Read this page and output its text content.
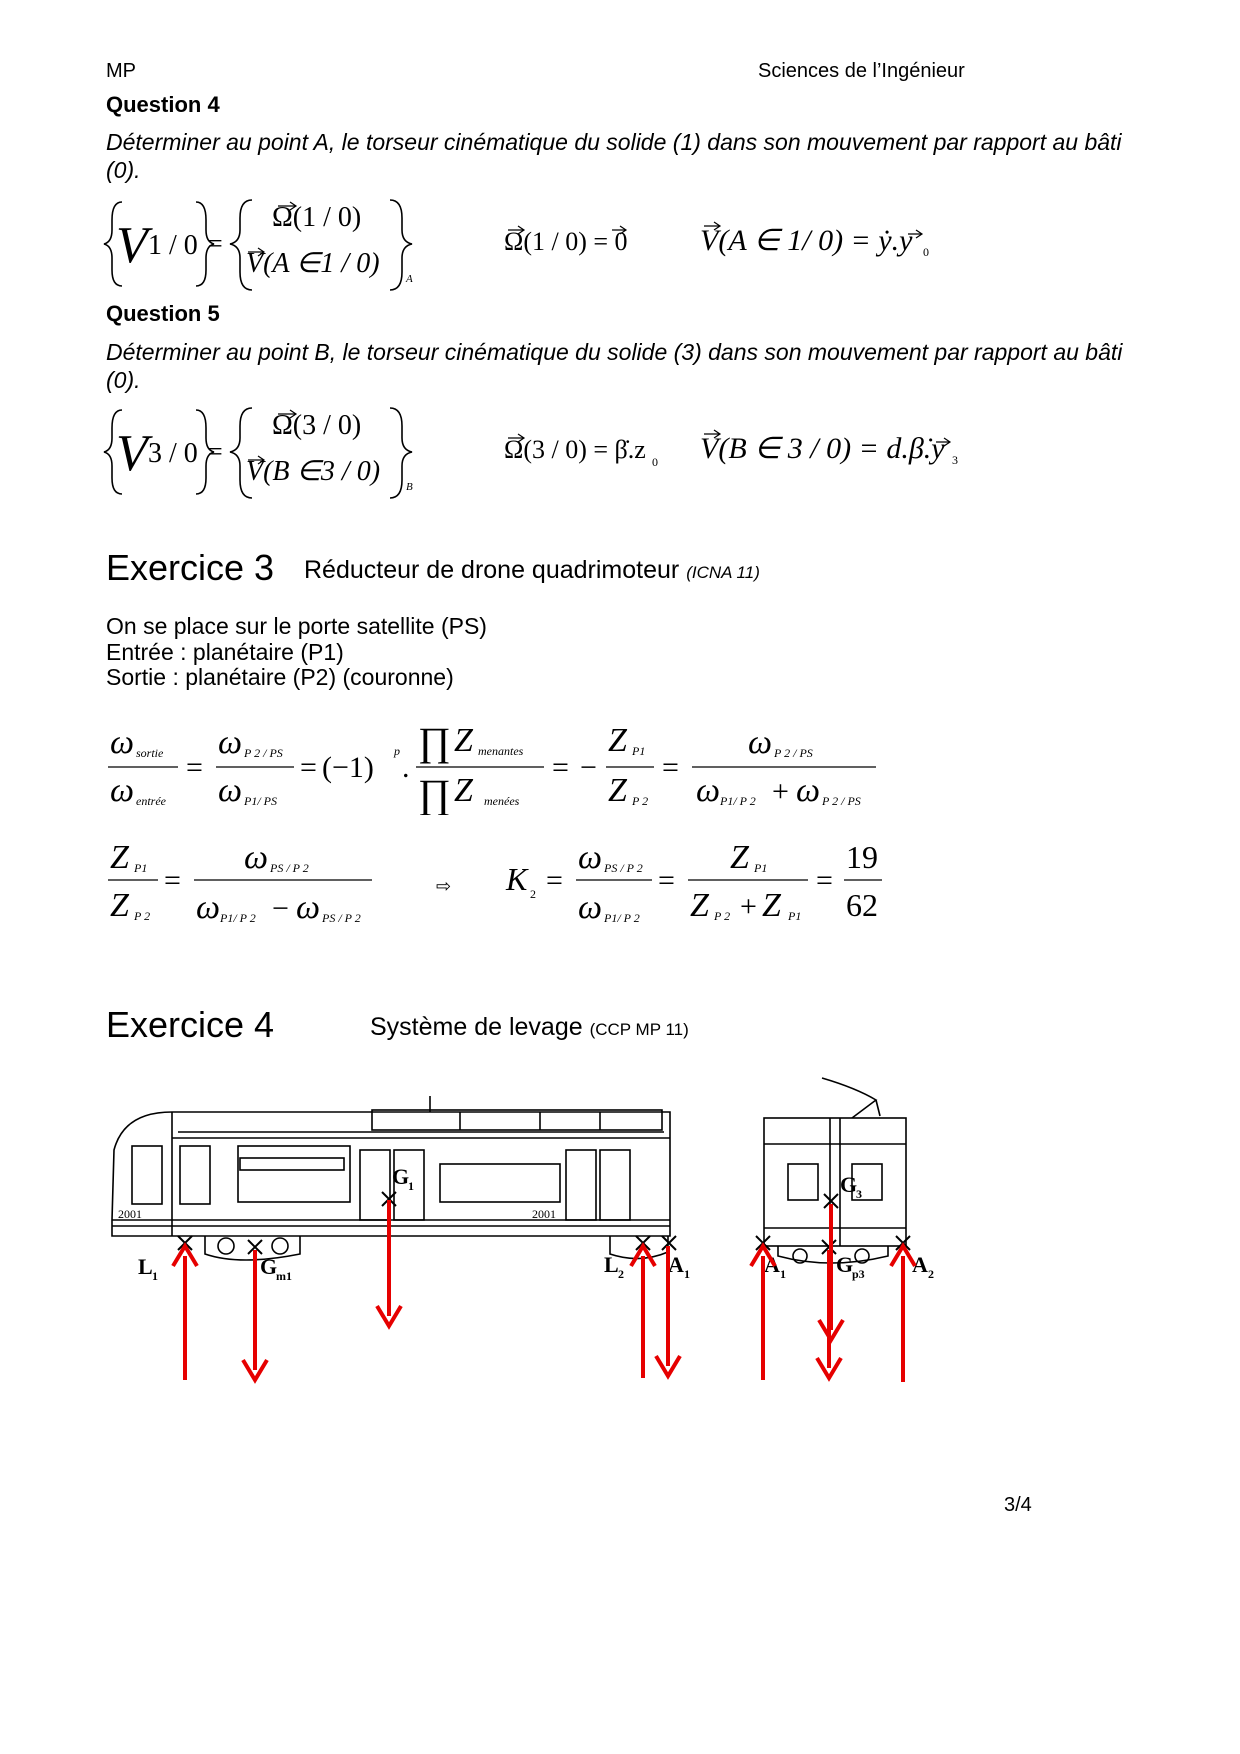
MP	Sciences de l’Ingénieur
Question 4
Déterminer au point A, le torseur cinématique du solide (1) dans son mouvement par rapport au bâti (0).
V 1 / 0 =
Ω(1 / 0)
V(A ∈1 / 0) A
Ω(1 / 0) = 0 V(A ∈ 1/ 0) = ẏ.y 0
Question 5
Déterminer au point B, le torseur cinématique du solide (3) dans son mouvement par rapport au bâti (0).
V 3 / 0 =
Ω(3 / 0)
V(B ∈3 / 0) B
Ω(3 / 0) = β̇.z 0 V(B ∈ 3 / 0) = d.β̇.y 3
Exercice 3 Réducteur de drone quadrimoteur (ICNA 11)
On se place sur le porte satellite (PS)
Entrée : planétaire (P1)
Sortie : planétaire (P2) (couronne)
ω sortie
ω entrée
=
ω P 2 / PS
ω P1/ PS
= (−1) p .
∏ Z menantes
∏ Z menées
= −
Z P1
Z P 2
=
ω P 2 / PS
ω P1/ P 2 + ω P 2 / PS
Z P1
Z P 2
=
ω PS / P 2
ω P1/ P 2 − ω PS / P 2
⇨ K 2 =
ω PS / P 2
ω P1/ P 2
=
Z P1
Z P 2 + Z P1
=
19
62
Exercice 4	Système de levage (CCP MP 11)
2001	2001
L 1	G
m1
G
1
L 2 A 1	A 1
G
3
G
p3 A 2
3/4
